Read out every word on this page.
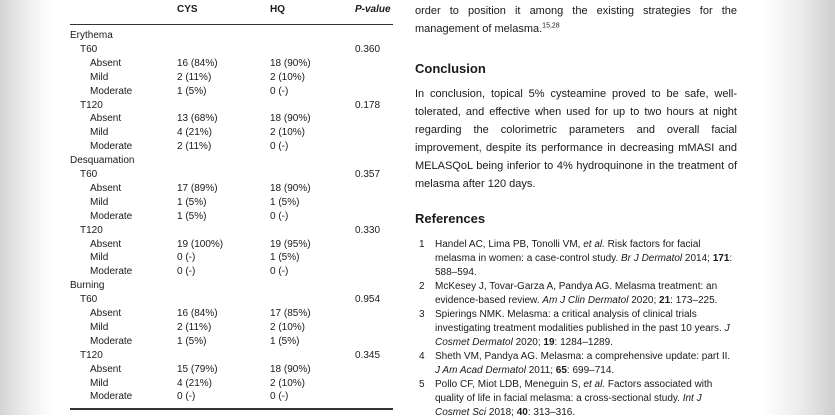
CYS	HQ	P-value
Erythema
T60	0.360
Absent	16 (84%)	18 (90%)
Mild	2 (11%)	2 (10%)
Moderate	1 (5%)	0 (-)
T120	0.178
Absent	13 (68%)	18 (90%)
Mild	4 (21%)	2 (10%)
Moderate	2 (11%)	0 (-)
Desquamation
T60	0.357
Absent	17 (89%)	18 (90%)
Mild	1 (5%)	1 (5%)
Moderate	1 (5%)	0 (-)
T120	0.330
Absent	19 (100%)	19 (95%)
Mild	0 (-)	1 (5%)
Moderate	0 (-)	0 (-)
Burning
T60	0.954
Absent	16 (84%)	17 (85%)
Mild	2 (11%)	2 (10%)
Moderate	1 (5%)	1 (5%)
T120	0.345
Absent	15 (79%)	18 (90%)
Mild	4 (21%)	2 (10%)
Moderate	0 (-)	0 (-)

order to position it among the existing strategies for the management of melasma.$^{15,28}$

Conclusion

In conclusion, topical 5% cysteamine proved to be safe, well-tolerated, and effective when used for up to two hours at night regarding the colorimetric parameters and overall facial improvement, despite its performance in decreasing mMASI and MELASQoL being inferior to 4% hydroquinone in the treatment of melasma after 120 days.

References

1 Handel AC, Lima PB, Tonolli VM, et al. Risk factors for facial melasma in women: a case-control study. Br J Dermatol 2014; 171: 588–594.
2 McKesey J, Tovar-Garza A, Pandya AG. Melasma treatment: an evidence-based review. Am J Clin Dermatol 2020; 21: 173–225.
3 Spierings NMK. Melasma: a critical analysis of clinical trials investigating treatment modalities published in the past 10 years. J Cosmet Dermatol 2020; 19: 1284–1289.
4 Sheth VM, Pandya AG. Melasma: a comprehensive update: part II. J Am Acad Dermatol 2011; 65: 699–714.
5 Pollo CF, Miot LDB, Meneguin S, et al. Factors associated with quality of life in facial melasma: a cross-sectional study. Int J Cosmet Sci 2018; 40: 313–316.
